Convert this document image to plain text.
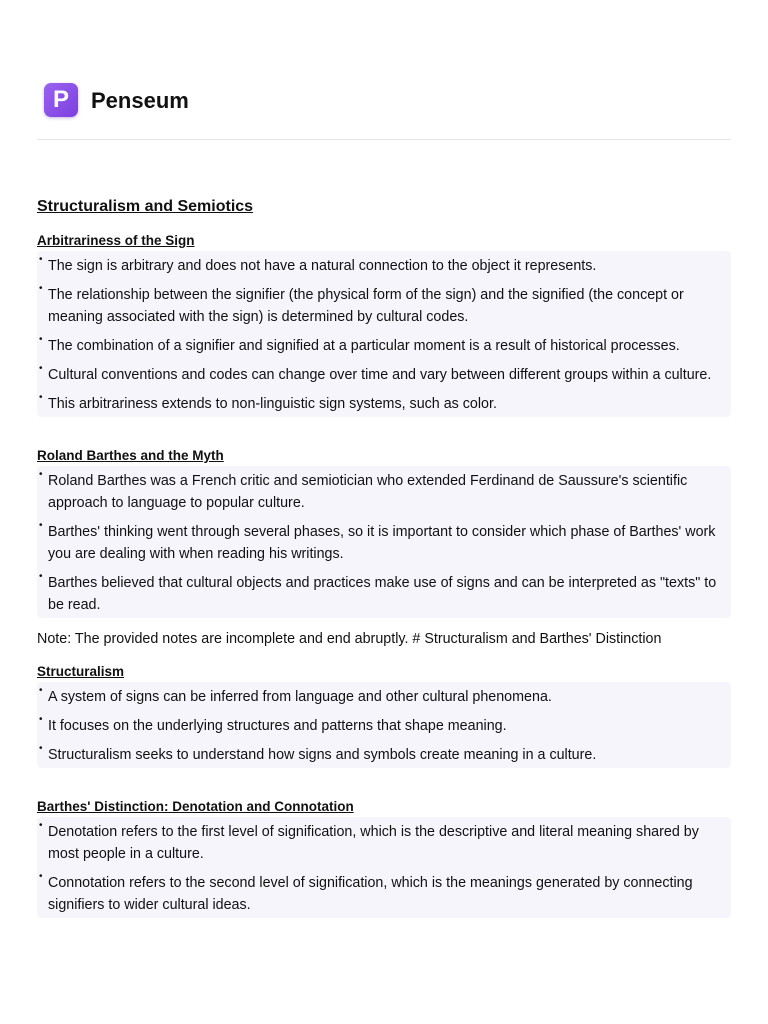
P	Penseum
Structuralism and Semiotics
Arbitrariness of the Sign
• The sign is arbitrary and does not have a natural connection to the object it represents.
• The relationship between the signifier (the physical form of the sign) and the signified (the concept or meaning associated with the sign) is determined by cultural codes.
• The combination of a signifier and signified at a particular moment is a result of historical processes.
• Cultural conventions and codes can change over time and vary between different groups within a culture.
• This arbitrariness extends to non-linguistic sign systems, such as color.
Roland Barthes and the Myth
• Roland Barthes was a French critic and semiotician who extended Ferdinand de Saussure's scientific approach to language to popular culture.
• Barthes' thinking went through several phases, so it is important to consider which phase of Barthes' work you are dealing with when reading his writings.
• Barthes believed that cultural objects and practices make use of signs and can be interpreted as "texts" to be read.

Note: The provided notes are incomplete and end abruptly. # Structuralism and Barthes' Distinction

Structuralism
• A system of signs can be inferred from language and other cultural phenomena.
• It focuses on the underlying structures and patterns that shape meaning.
• Structuralism seeks to understand how signs and symbols create meaning in a culture.
Barthes' Distinction: Denotation and Connotation
• Denotation refers to the first level of signification, which is the descriptive and literal meaning shared by most people in a culture.
• Connotation refers to the second level of signification, which is the meanings generated by connecting signifiers to wider cultural ideas.
